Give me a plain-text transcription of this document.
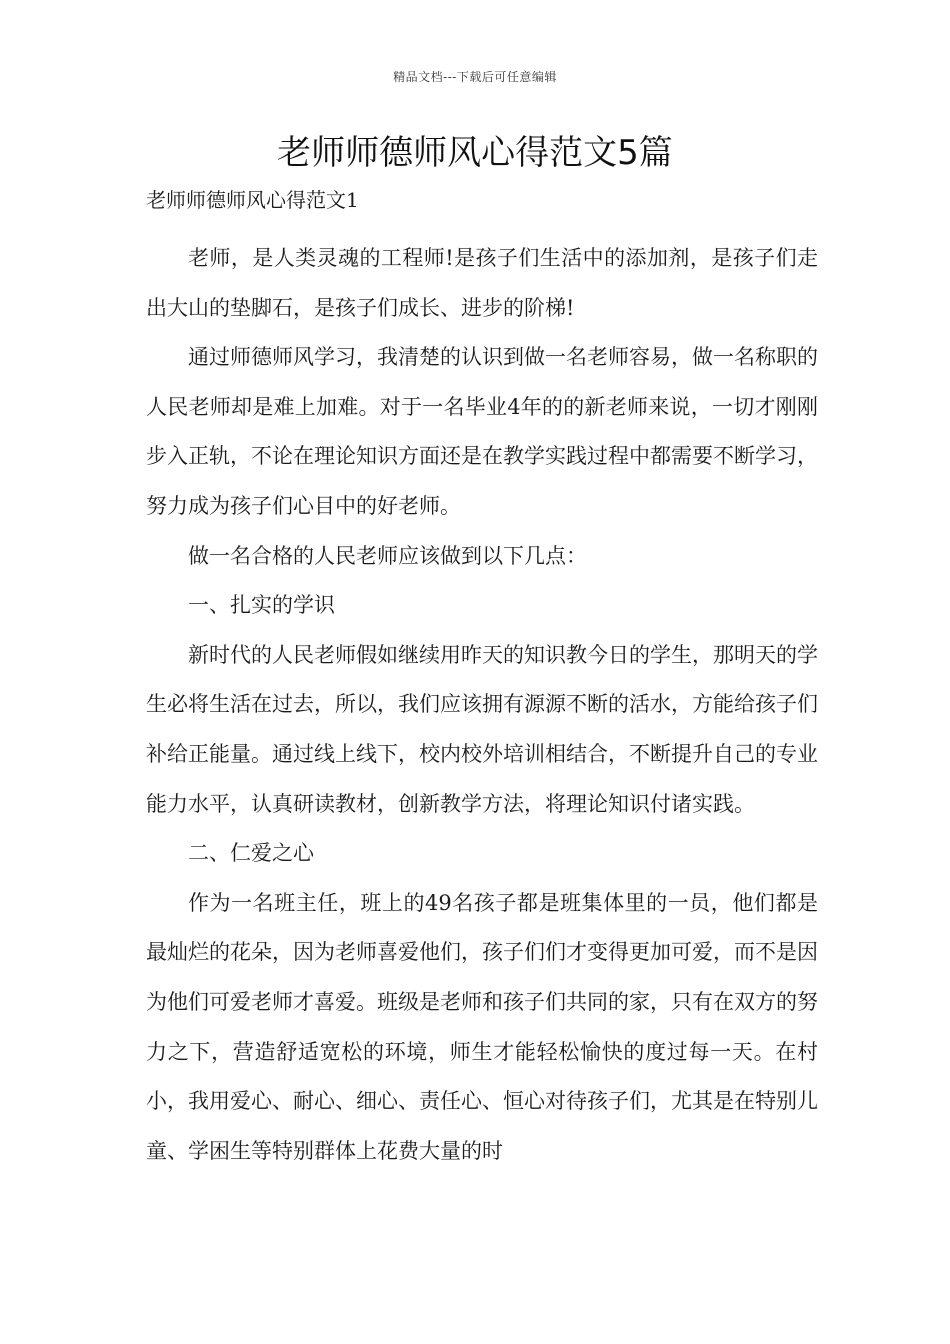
精品文档---下载后可任意编辑
老师师德师风心得范文5篇
老师师德师风心得范文1

老师，是人类灵魂的工程师!是孩子们生活中的添加剂，是孩子们走出大山的垫脚石，是孩子们成长、进步的阶梯!

通过师德师风学习，我清楚的认识到做一名老师容易，做一名称职的人民老师却是难上加难。对于一名毕业4年的的新老师来说，一切才刚刚步入正轨，不论在理论知识方面还是在教学实践过程中都需要不断学习，努力成为孩子们心目中的好老师。

做一名合格的人民老师应该做到以下几点：

一、扎实的学识

新时代的人民老师假如继续用昨天的知识教今日的学生，那明天的学生必将生活在过去，所以，我们应该拥有源源不断的活水，方能给孩子们补给正能量。通过线上线下，校内校外培训相结合，不断提升自己的专业能力水平，认真研读教材，创新教学方法，将理论知识付诸实践。

二、仁爱之心

作为一名班主任，班上的49名孩子都是班集体里的一员，他们都是最灿烂的花朵，因为老师喜爱他们，孩子们们才变得更加可爱，而不是因为他们可爱老师才喜爱。班级是老师和孩子们共同的家，只有在双方的努力之下，营造舒适宽松的环境，师生才能轻松愉快的度过每一天。在村小，我用爱心、耐心、细心、责任心、恒心对待孩子们，尤其是在特别儿童、学困生等特别群体上花费大量的时
